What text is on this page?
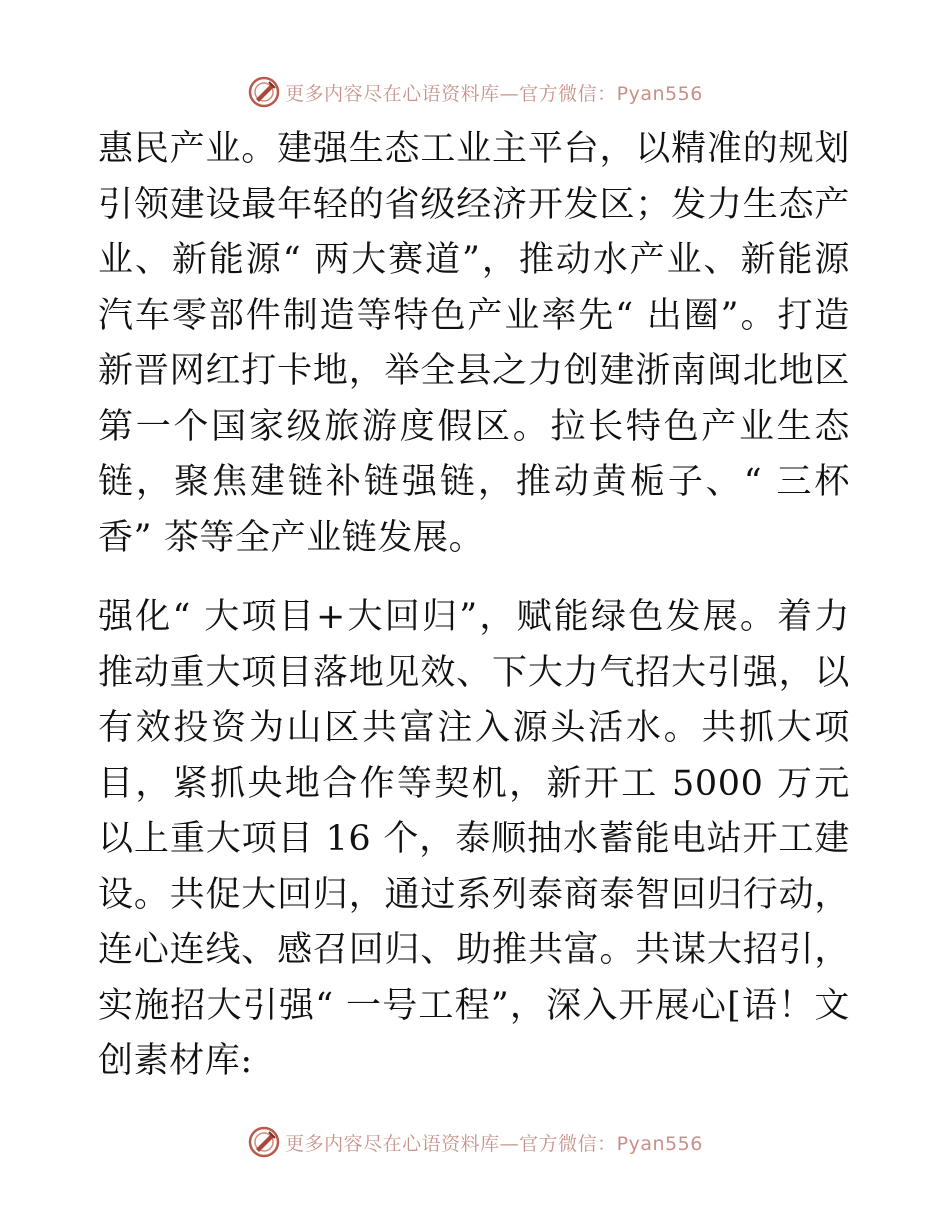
更多内容尽在心语资料库—官方微信：Pyan556

惠民产业。建强生态工业主平台，以精准的规划引领建设最年轻的省级经济开发区；发力生态产业、新能源“ 两大赛道”，推动水产业、新能源汽车零部件制造等特色产业率先“ 出圈”。打造新晋网红打卡地，举全县之力创建浙南闽北地区第一个国家级旅游度假区。拉长特色产业生态链，聚焦建链补链强链，推动黄栀子、“ 三杯香” 茶等全产业链发展。

强化“ 大项目+大回归”，赋能绿色发展。着力推动重大项目落地见效、下大力气招大引强，以有效投资为山区共富注入源头活水。共抓大项目，紧抓央地合作等契机，新开工 5000 万元以上重大项目 16 个，泰顺抽水蓄能电站开工建设。共促大回归，通过系列泰商泰智回归行动，连心连线、感召回归、助推共富。共谋大招引，实施招大引强“ 一号工程”，深入开展心[语！文创素材库:

更多内容尽在心语资料库—官方微信：Pyan556
